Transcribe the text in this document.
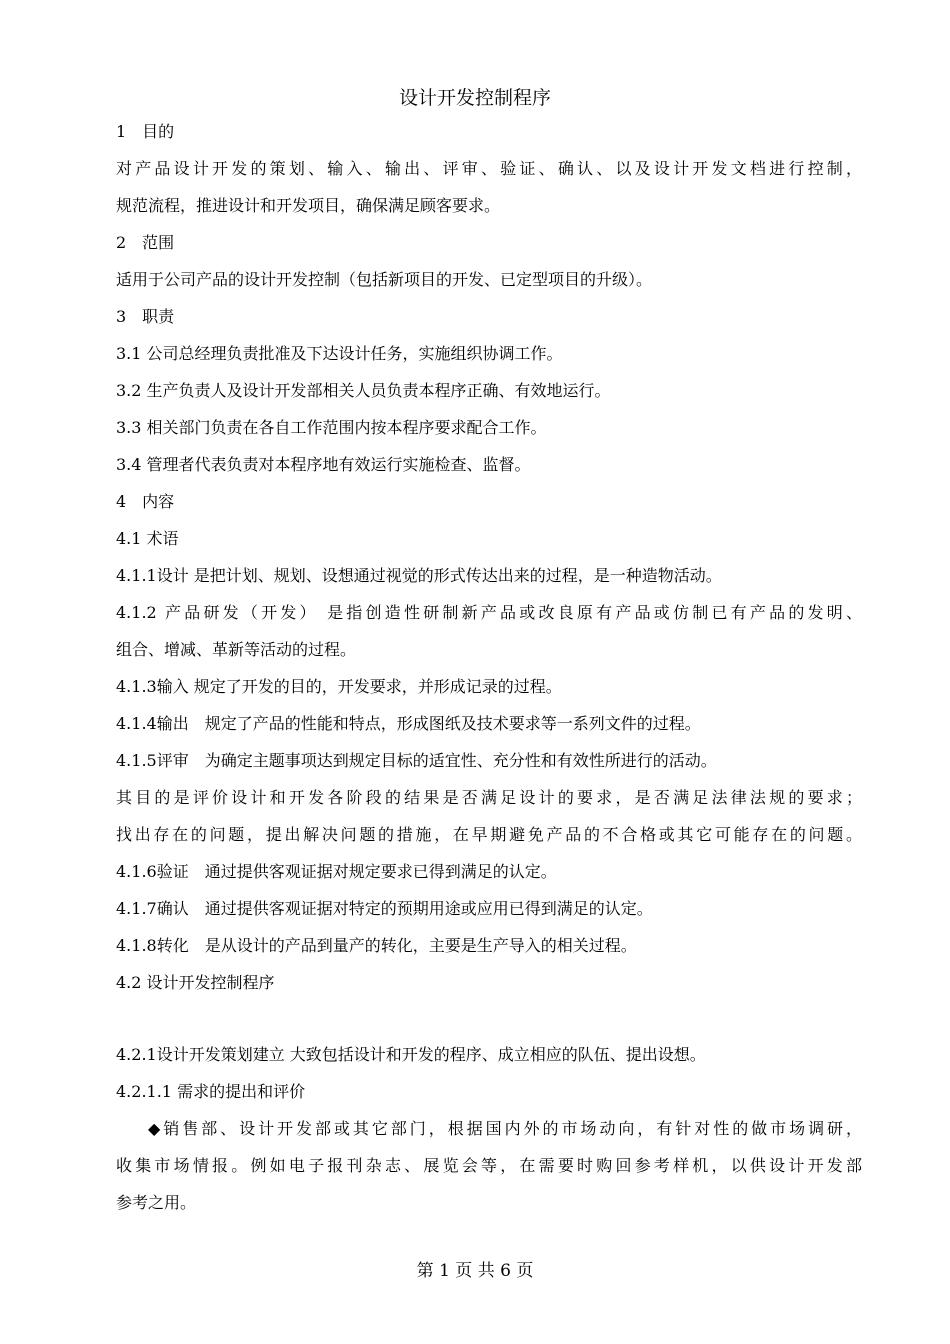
设计开发控制程序

1　目的

对产品设计开发的策划、输入、输出、评审、验证、确认、以及设计开发文档进行控制，

规范流程，推进设计和开发项目，确保满足顾客要求。

2　范围

适用于公司产品的设计开发控制（包括新项目的开发、已定型项目的升级）。

3　职责

3.1 公司总经理负责批准及下达设计任务，实施组织协调工作。

3.2 生产负责人及设计开发部相关人员负责本程序正确、有效地运行。

3.3 相关部门负责在各自工作范围内按本程序要求配合工作。

3.4 管理者代表负责对本程序地有效运行实施检查、监督。

4　内容

4.1 术语

4.1.1设计 是把计划、规划、设想通过视觉的形式传达出来的过程，是一种造物活动。

4.1.2 产品研发（开发） 是指创造性研制新产品或改良原有产品或仿制已有产品的发明、

组合、增减、革新等活动的过程。

4.1.3输入 规定了开发的目的，开发要求，并形成记录的过程。

4.1.4输出　规定了产品的性能和特点，形成图纸及技术要求等一系列文件的过程。

4.1.5评审　为确定主题事项达到规定目标的适宜性、充分性和有效性所进行的活动。

其目的是评价设计和开发各阶段的结果是否满足设计的要求，是否满足法律法规的要求；

找出存在的问题，提出解决问题的措施，在早期避免产品的不合格或其它可能存在的问题。

4.1.6验证　通过提供客观证据对规定要求已得到满足的认定。

4.1.7确认　通过提供客观证据对特定的预期用途或应用已得到满足的认定。

4.1.8转化　是从设计的产品到量产的转化，主要是生产导入的相关过程。

4.2 设计开发控制程序

4.2.1设计开发策划建立 大致包括设计和开发的程序、成立相应的队伍、提出设想。

4.2.1.1 需求的提出和评价

◆销售部、设计开发部或其它部门，根据国内外的市场动向，有针对性的做市场调研，

收集市场情报。例如电子报刊杂志、展览会等，在需要时购回参考样机，以供设计开发部

参考之用。

第 1 页 共 6 页
